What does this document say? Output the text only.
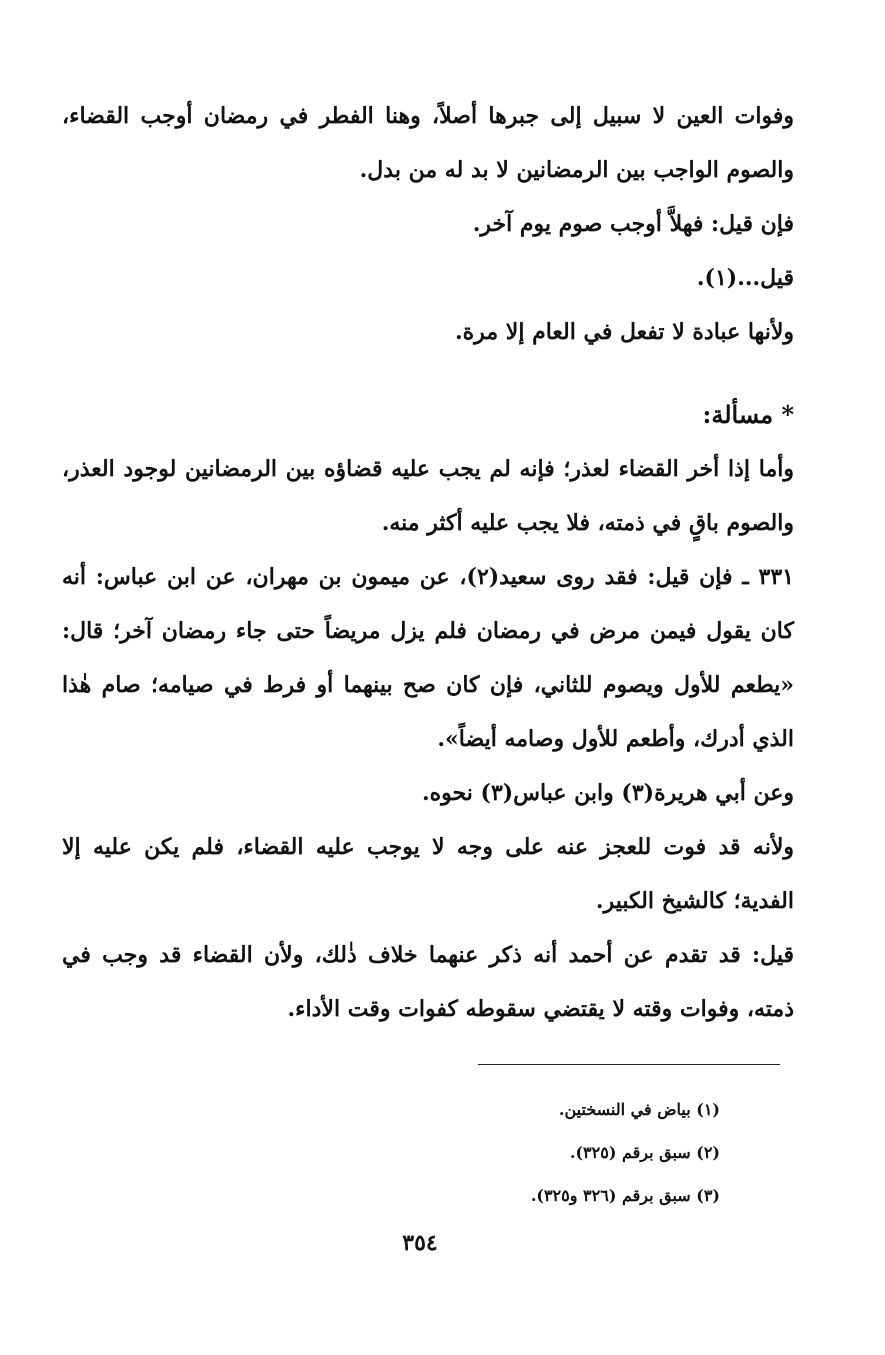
وفوات العين لا سبيل إلى جبرها أصلاً، وهنا الفطر في رمضان أوجب القضاء، والصوم الواجب بين الرمضانين لا بد له من بدل.

فإن قيل: فهلاَّ أوجب صوم يوم آخر.

قيل...(١).

ولأنها عبادة لا تفعل في العام إلا مرة.

* مسألة:

وأما إذا أخر القضاء لعذر؛ فإنه لم يجب عليه قضاؤه بين الرمضانين لوجود العذر، والصوم باقٍ في ذمته، فلا يجب عليه أكثر منه.

٣٣١ ـ فإن قيل: فقد روى سعيد(٢)، عن ميمون بن مهران، عن ابن عباس: أنه كان يقول فيمن مرض في رمضان فلم يزل مريضاً حتى جاء رمضان آخر؛ قال: «يطعم للأول ويصوم للثاني، فإن كان صح بينهما أو فرط في صيامه؛ صام هٰذا الذي أدرك، وأطعم للأول وصامه أيضاً».

وعن أبي هريرة(٣) وابن عباس(٣) نحوه.

ولأنه قد فوت للعجز عنه على وجه لا يوجب عليه القضاء، فلم يكن عليه إلا الفدية؛ كالشيخ الكبير.

قيل: قد تقدم عن أحمد أنه ذكر عنهما خلاف ذٰلك، ولأن القضاء قد وجب في ذمته، وفوات وقته لا يقتضي سقوطه كفوات وقت الأداء.

(١) بياض في النسختين.
(٢) سبق برقم (٣٢٥).
(٣) سبق برقم (٣٢٦ و٣٢٥).
٣٥٤
